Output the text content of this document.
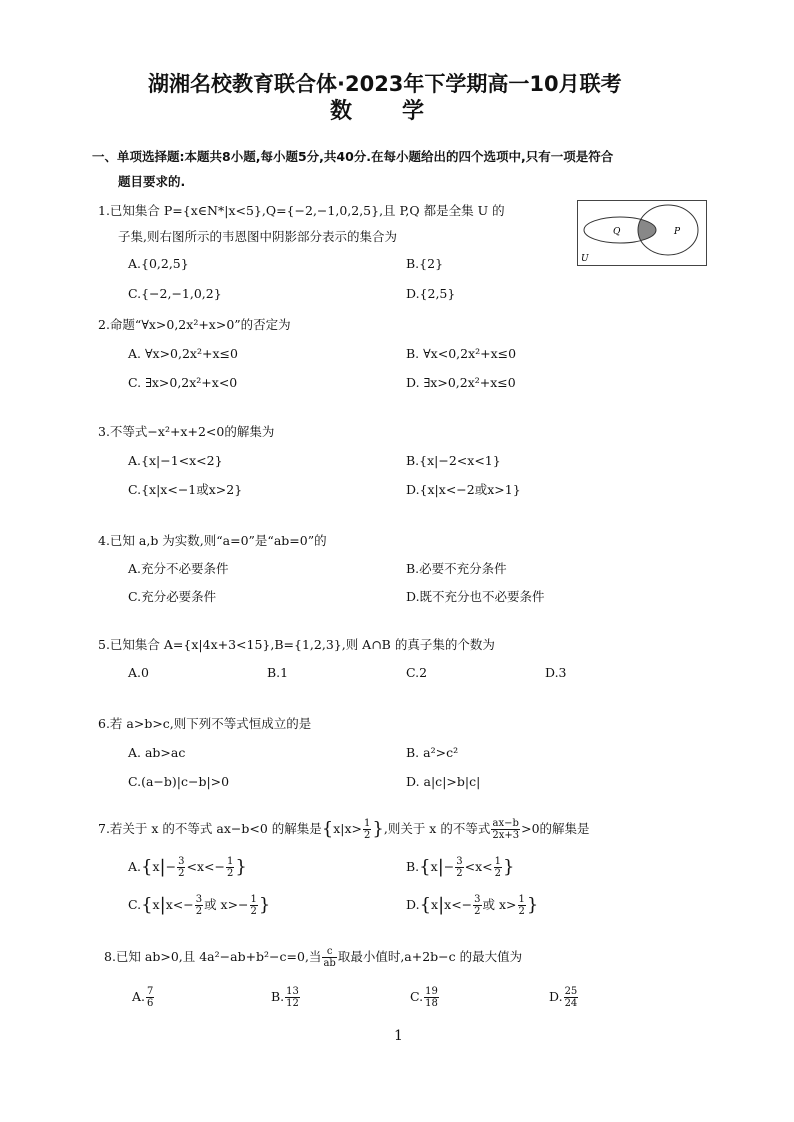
湖湘名校教育联合体·2023年下学期高一10月联考
数　　学
一、单项选择题:本题共8小题,每小题5分,共40分.在每小题给出的四个选项中,只有一项是符合
题目要求的.
1.已知集合 P={x∈N*|x<5},Q={−2,−1,0,2,5},且 P,Q 都是全集 U 的
子集,则右图所示的韦恩图中阴影部分表示的集合为
A.{0,2,5}	B.{2}
C.{−2,−1,0,2}	D.{2,5}
Q	P
U
2.命题“∀x>0,2x²+x>0”的否定为
A. ∀x>0,2x²+x≤0	B. ∀x<0,2x²+x≤0
C. ∃x>0,2x²+x<0	D. ∃x>0,2x²+x≤0
3.不等式−x²+x+2<0的解集为
A.{x|−1<x<2}	B.{x|−2<x<1}
C.{x|x<−1或x>2}	D.{x|x<−2或x>1}
4.已知 a,b 为实数,则“a=0”是“ab=0”的
A.充分不必要条件	B.必要不充分条件
C.充分必要条件	D.既不充分也不必要条件
5.已知集合 A={x|4x+3<15},B={1,2,3},则 A∩B 的真子集的个数为
A.0	B.1	C.2	D.3
6.若 a>b>c,则下列不等式恒成立的是
A. ab>ac	B. a²>c²
C.(a−b)|c−b|>0	D. a|c|>b|c|
7.若关于 x 的不等式 ax−b<0 的解集是{$x|x> \frac{1}{2}$ },则关于 x 的不等式 $\frac{ax-b}{2x+3} >0$的解集是
$A.\{x|- \frac{3}{2} <x<- \frac{1}{2}$ }	$B.\{x|- \frac{3}{2} <x< \frac{1}{2}$ }
$C.\{x|x<- \frac{3}{2}$ 或 $x>- \frac{1}{2}$ }	$D.\{x|x<- \frac{3}{2}$ 或 $x> \frac{1}{2}$ }
8.已知 ab>0,且 4a²−ab+b²−c=0,当 $\frac{c}{ab}$ 取最小值时,a+2b−c 的最大值为
A. $\frac{7}{6}$	B. $\frac{13}{12}$	C. $\frac{19}{18}$	D. $\frac{25}{24}$
1
